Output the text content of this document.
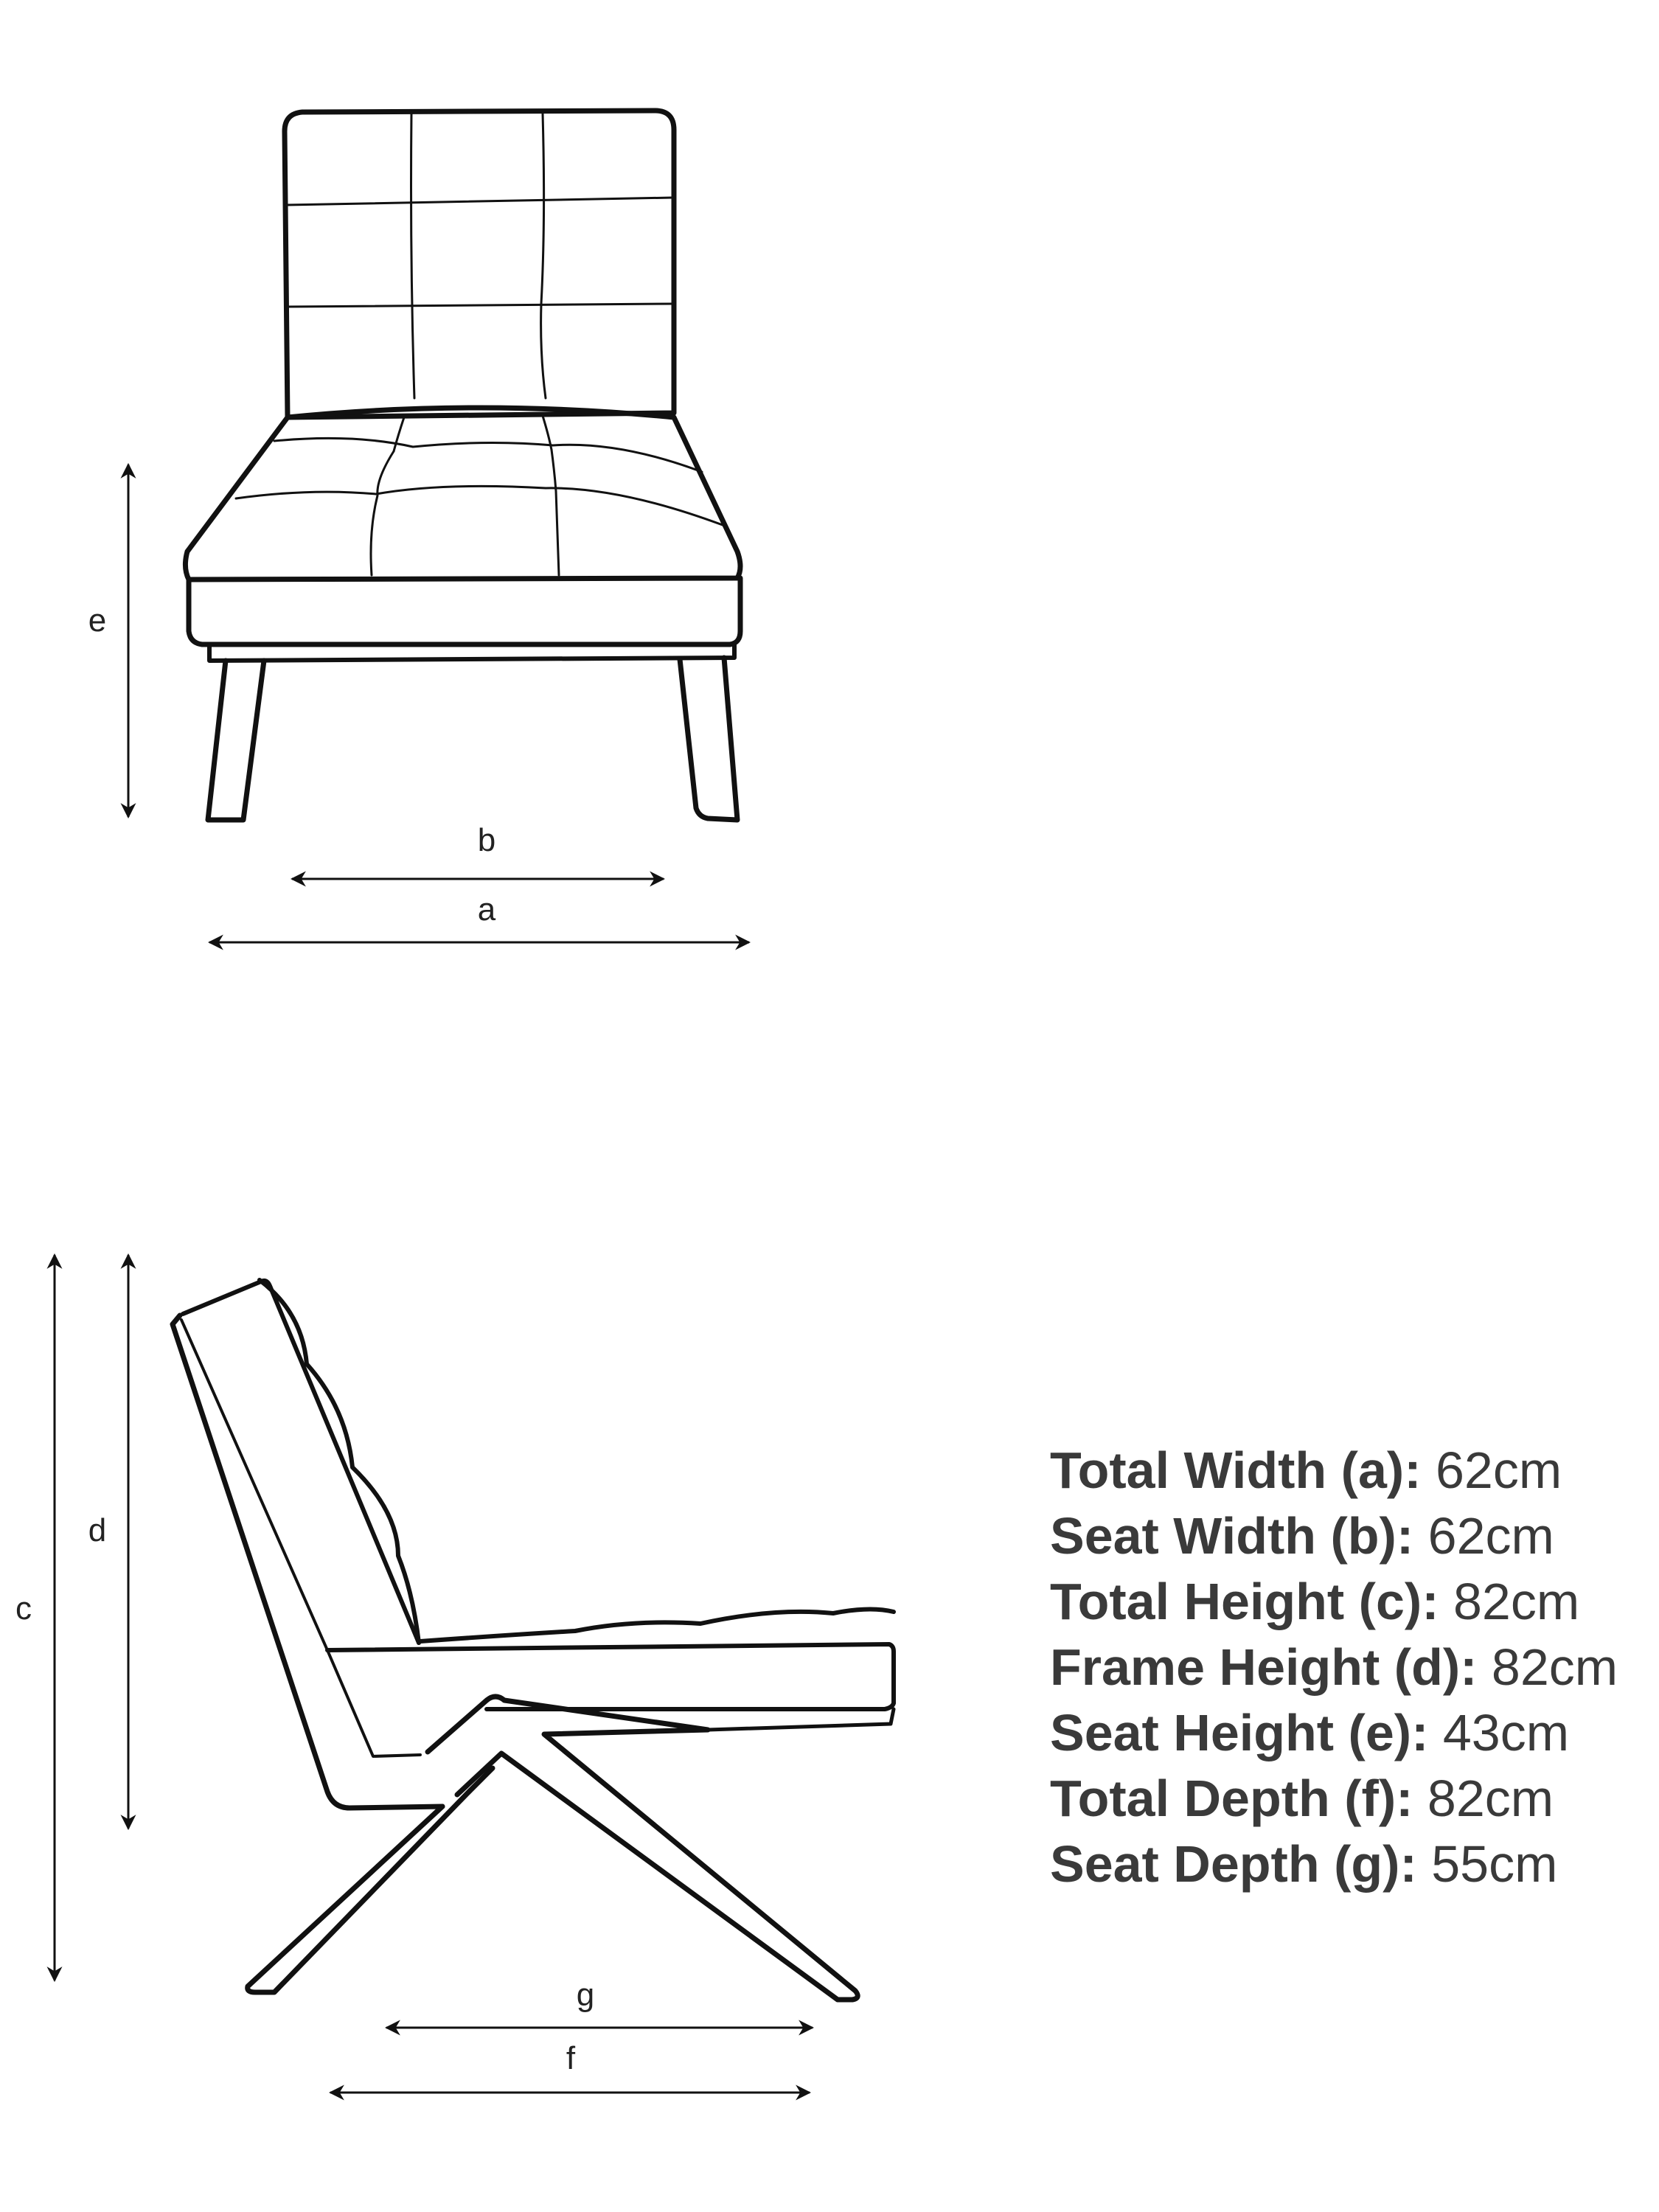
e
b
a
c
d
g
f
Total Width (a): 62cm
Seat Width (b): 62cm
Total Height (c): 82cm
Frame Height (d): 82cm
Seat Height (e): 43cm
Total Depth (f): 82cm
Seat Depth (g): 55cm
